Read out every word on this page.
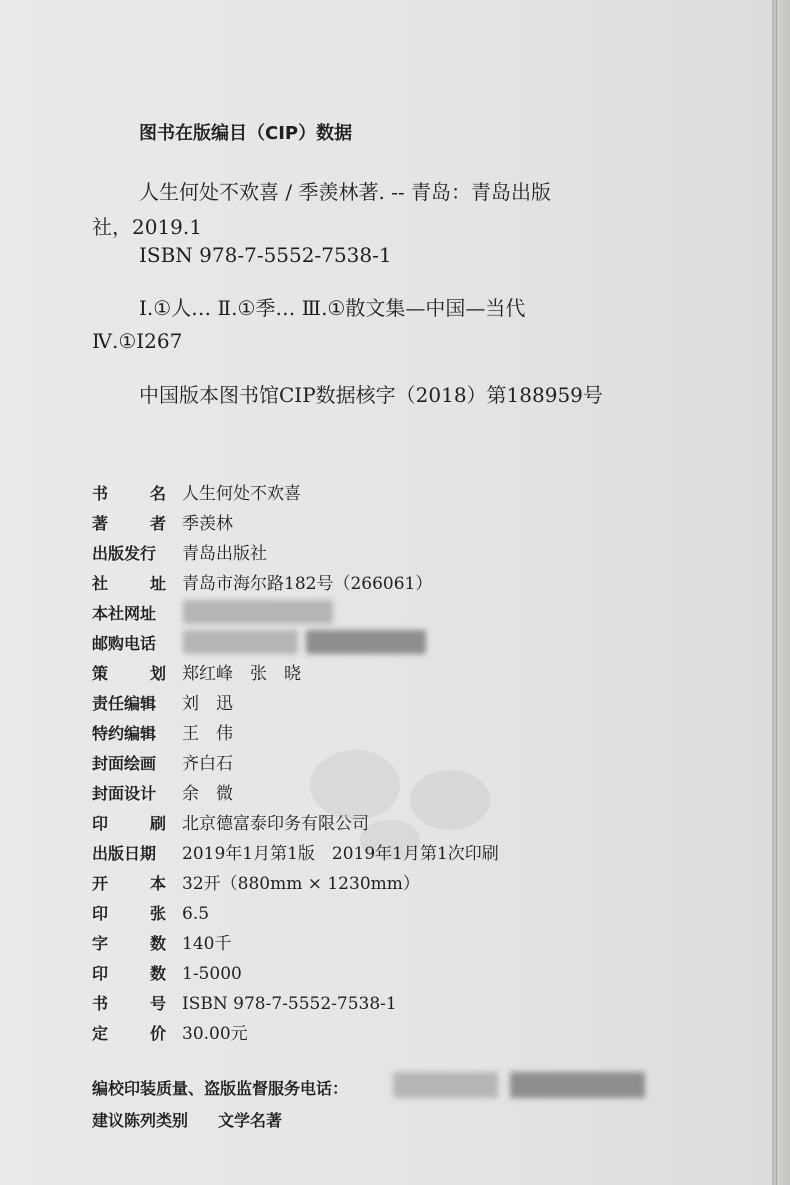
图书在版编目（CIP）数据
人生何处不欢喜 / 季羡林著. -- 青岛：青岛出版
社，2019.1
ISBN 978-7-5552-7538-1
Ⅰ.①人… Ⅱ.①季… Ⅲ.①散文集—中国—当代
Ⅳ.①I267
中国版本图书馆CIP数据核字（2018）第188959号
书	名 人生何处不欢喜
著	者 季羡林
出版发行	青岛出版社
社	址 青岛市海尔路182号（266061）
本社网址
邮购电话
策	划 郑红峰　张　晓
责任编辑	刘　迅
特约编辑	王　伟
封面绘画	齐白石
封面设计	余　微
印	刷 北京德富泰印务有限公司
出版日期	2019年1月第1版　2019年1月第1次印刷
开	本 32开（880mm × 1230mm）
印	张 6.5
字	数 140千
印	数 1-5000
书	号 ISBN 978-7-5552-7538-1
定	价 30.00元
编校印装质量、盗版监督服务电话：
建议陈列类别 文学名著
